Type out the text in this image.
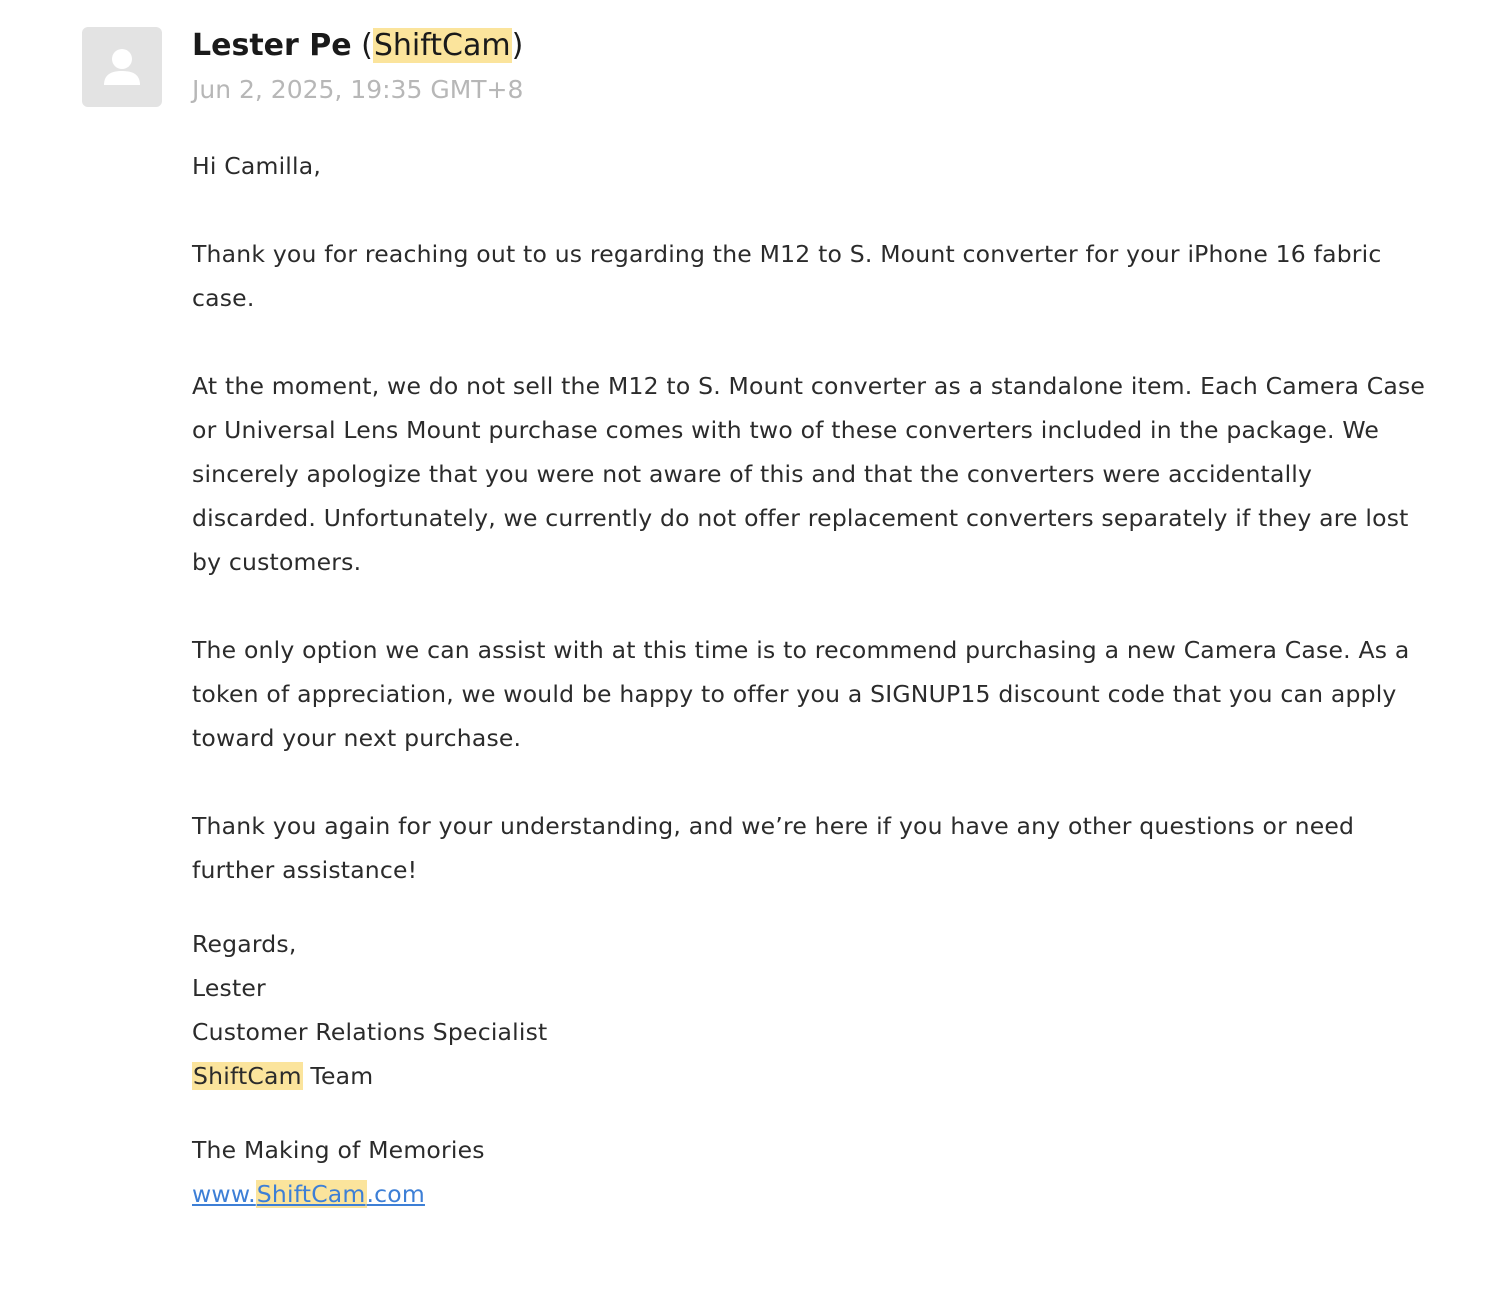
Lester Pe (ShiftCam)
Jun 2, 2025, 19:35 GMT+8

Hi Camilla,

Thank you for reaching out to us regarding the M12 to S. Mount converter for your iPhone 16 fabric case.

At the moment, we do not sell the M12 to S. Mount converter as a standalone item. Each Camera Case or Universal Lens Mount purchase comes with two of these converters included in the package. We sincerely apologize that you were not aware of this and that the converters were accidentally discarded. Unfortunately, we currently do not offer replacement converters separately if they are lost by customers.

The only option we can assist with at this time is to recommend purchasing a new Camera Case. As a token of appreciation, we would be happy to offer you a SIGNUP15 discount code that you can apply toward your next purchase.

Thank you again for your understanding, and we’re here if you have any other questions or need further assistance!

Regards,

Lester

Customer Relations Specialist

ShiftCam Team

The Making of Memories

www.ShiftCam.com
